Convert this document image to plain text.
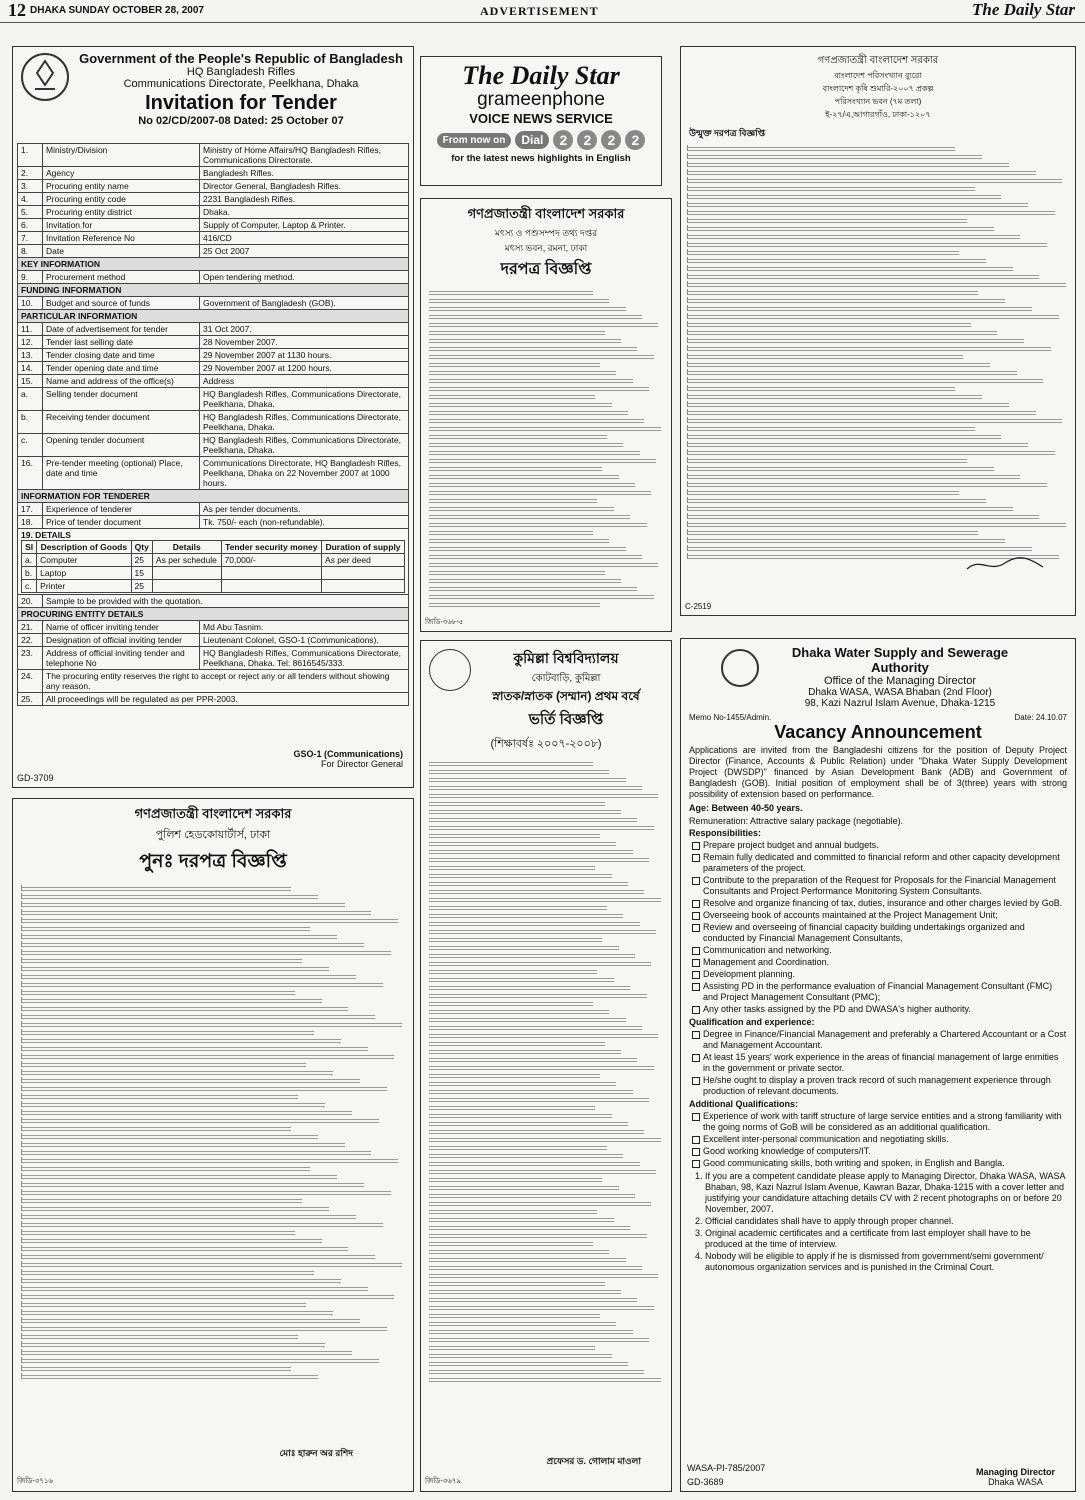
12 DHAKA SUNDAY OCTOBER 28, 2007	ADVERTISEMENT	The Daily Star
Government of the People's Republic of Bangladesh
HQ Bangladesh Rifles
Communications Directorate, Peelkhana, Dhaka
Invitation for Tender
No 02/CD/2007-08 Dated: 25 October 07
1.	Ministry/Division	Ministry of Home Affairs/HQ Bangladesh Rifles, Communications Directorate.
2.	Agency	Bangladesh Rifles.
3.	Procuring entity name	Director General, Bangladesh Rifles.
4.	Procuring entity code	2231 Bangladesh Rifles.
5.	Procuring entity district	Dhaka.
6.	Invitation for	Supply of Computer, Laptop & Printer.
7.	Invitation Reference No	416/CD
8.	Date	25 Oct 2007
KEY INFORMATION
9.	Procurement method	Open tendering method.
FUNDING INFORMATION
10.	Budget and source of funds	Government of Bangladesh (GOB).
PARTICULAR INFORMATION
11.	Date of advertisement for tender	31 Oct 2007.
12.	Tender last selling date	28 November 2007.
13.	Tender closing date and time	29 November 2007 at 1130 hours.
14.	Tender opening date and time	29 November 2007 at 1200 hours.
15.	Name and address of the office(s)	Address
a.	Selling tender document	HQ Bangladesh Rifles, Communications Directorate, Peelkhana, Dhaka.
b.	Receiving tender document	HQ Bangladesh Rifles, Communications Directorate, Peelkhana, Dhaka.
c.	Opening tender document	HQ Bangladesh Rifles, Communications Directorate, Peelkhana, Dhaka.
16.	Pre-tender meeting (optional) Place, date and time	Communications Directorate, HQ Bangladesh Rifles, Peelkhana, Dhaka on 22 November 2007 at 1000 hours.
INFORMATION FOR TENDERER
17.	Experience of tenderer	As per tender documents.
18.	Price of tender document	Tk. 750/- each (non-refundable).

19. DETAILS
Sl	Description of Goods	Qty	Details	Tender security money	Duration of supply
a.	Computer	25	As per schedule	70,000/-	As per deed
b.	Laptop	15			
c.	Printer	25			

20.	Sample to be provided with the quotation.
PROCURING ENTITY DETAILS
21.	Name of officer inviting tender	Md Abu Tasnim.
22.	Designation of official inviting tender	Lieutenant Colonel, GSO-1 (Communications).
23.	Address of official inviting tender and telephone No	HQ Bangladesh Rifles, Communications Directorate, Peelkhana, Dhaka. Tel: 8616545/333.
24.	The procuring entity reserves the right to accept or reject any or all tenders without showing any reason.
25.	All proceedings will be regulated as per PPR-2003.
GSO-1 (Communications)
For Director General
GD-3709
The Daily Star
grameenphone
VOICE NEWS SERVICE
From now on	Dial	2	2	2	2
for the latest news highlights in English
গণপ্রজাতন্ত্রী বাংলাদেশ সরকার
মৎস্য ও পশুসম্পদ তথ্য দপ্তর
মৎস্য ভবন, রমনা, ঢাকা
দরপত্র বিজ্ঞপ্তি
জিডি-৩৬৮-৫
গণপ্রজাতন্ত্রী বাংলাদেশ সরকার
বাংলাদেশ পরিসংখ্যান ব্যুরো
বাংলাদেশ কৃষি শুমারি-২০০৭ প্রকল্প
পরিসংখ্যান ভবন (৭ম তলা)
ই-২৭/এ,আগারগাঁও, ঢাকা-১২০৭
উন্মুক্ত দরপত্র বিজ্ঞপ্তি
C-2519
গণপ্রজাতন্ত্রী বাংলাদেশ সরকার
পুলিশ হেডকোয়ার্টার্স, ঢাকা
পুনঃ দরপত্র বিজ্ঞপ্তি
মোঃ হারুন অর রশিদ
জিডি-৩৭১৬
কুমিল্লা বিশ্ববিদ্যালয়
কোটবাড়ি, কুমিল্লা
স্নাতক/স্নাতক (সম্মান) প্রথম বর্ষে
ভর্তি বিজ্ঞপ্তি
(শিক্ষাবর্ষঃ ২০০৭-২০০৮)
প্রফেসর ড. গোলাম মাওলা
জিডি-৩৬৭৯
Dhaka Water Supply and Sewerage Authority
Office of the Managing Director
Dhaka WASA, WASA Bhaban (2nd Floor)
98, Kazi Nazrul Islam Avenue, Dhaka-1215
Memo No-1455/Admin.	Date: 24.10.07
Vacancy Announcement
Applications are invited from the Bangladeshi citizens for the position of Deputy Project Director (Finance, Accounts & Public Relation) under "Dhaka Water Supply Development Project (DWSDP)" financed by Asian Development Bank (ADB) and Government of Bangladesh (GOB). Initial position of employment shall be of 3(three) years with strong possibility of extension based on performance.
Age: Between 40-50 years.
Remuneration: Attractive salary package (negotiable).
Responsibilities:
Prepare project budget and annual budgets.
Remain fully dedicated and committed to financial reform and other capacity development parameters of the project.
Contribute to the preparation of the Request for Proposals for the Financial Management Consultants and Project Performance Monitoring System Consultants.
Resolve and organize financing of tax, duties, insurance and other charges levied by GoB.
Overseeing book of accounts maintained at the Project Management Unit;
Review and overseeing of financial capacity building undertakings organized and conducted by Financial Management Consultants,
Communication and networking.
Management and Coordination.
Development planning.
Assisting PD in the performance evaluation of Financial Management Consultant (FMC) and Project Management Consultant (PMC);
Any other tasks assigned by the PD and DWASA's higher authority.
Qualification and experience:
Degree in Finance/Financial Management and preferably a Chartered Accountant or a Cost and Management Accountant.
At least 15 years' work experience in the areas of financial management of large enmities in the government or private sector.
He/she ought to display a proven track record of such management experience through production of relevant documents.
Additional Qualifications:
Experience of work with tariff structure of large service entities and a strong familiarity with the going norms of GoB will be considered as an additional qualification.
Excellent inter-personal communication and negotiating skills.
Good working knowledge of computers/IT.
Good communicating skills, both writing and spoken, in English and Bangla.
1. If you are a competent candidate please apply to Managing Director, Dhaka WASA, WASA Bhaban, 98, Kazi Nazrul Islam Avenue, Kawran Bazar, Dhaka-1215 with a cover letter and justifying your candidature attaching details CV with 2 recent photographs on or before 20 November, 2007.
2. Official candidates shall have to apply through proper channel.
3. Original academic certificates and a certificate from last employer shall have to be produced at the time of interview.
4. Nobody will be eligible to apply if he is dismissed from government/semi government/ autonomous organization services and is punished in the Criminal Court.
WASA-PI-785/2007
GD-3689
Managing Director
Dhaka WASA
